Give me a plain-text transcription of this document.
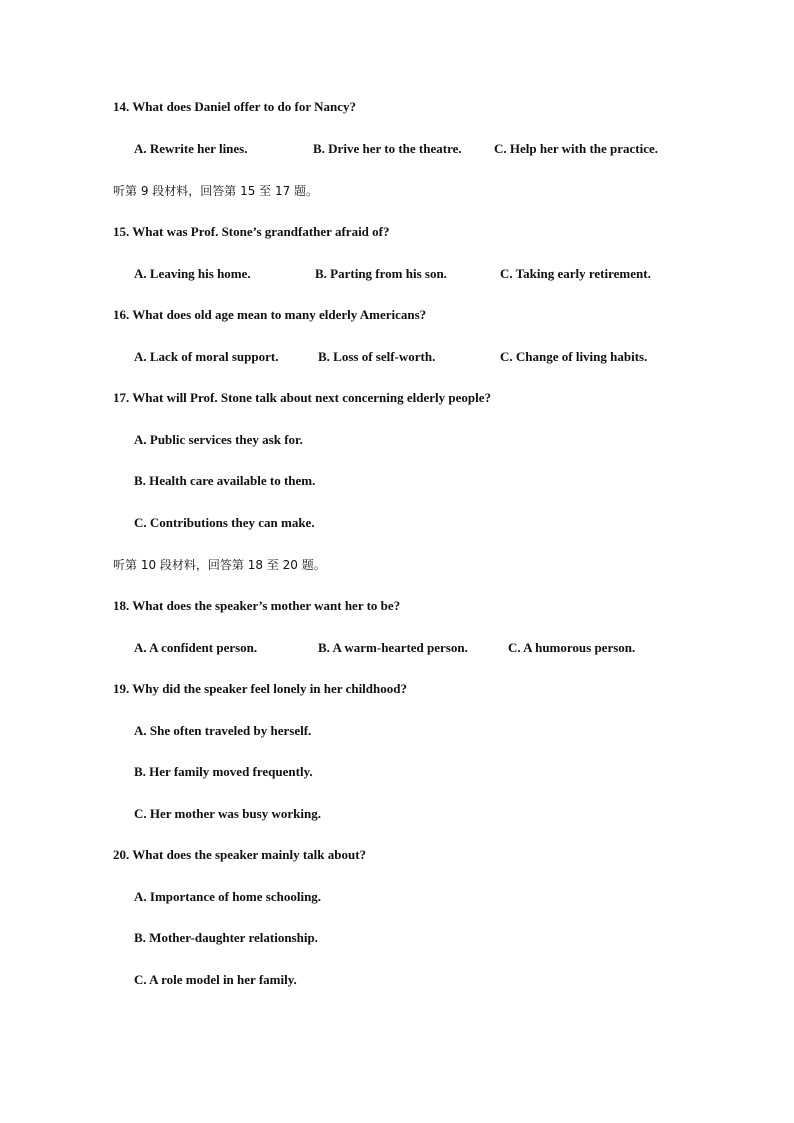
14. What does Daniel offer to do for Nancy?
A. Rewrite her lines.	B. Drive her to the theatre. C. Help her with the practice.
听第 9 段材料，回答第 15 至 17 题。
15. What was Prof. Stone’s grandfather afraid of?
A. Leaving his home.	B. Parting from his son.	C. Taking early retirement.
16. What does old age mean to many elderly Americans?
A. Lack of moral support.	B. Loss of self-worth.	C. Change of living habits.
17. What will Prof. Stone talk about next concerning elderly people?
A. Public services they ask for.
B. Health care available to them.
C. Contributions they can make.
听第 10 段材料，回答第 18 至 20 题。
18. What does the speaker’s mother want her to be?
A. A confident person.	B. A warm-hearted person.	C. A humorous person.
19. Why did the speaker feel lonely in her childhood?
A. She often traveled by herself.
B. Her family moved frequently.
C. Her mother was busy working.
20. What does the speaker mainly talk about?
A. Importance of home schooling.
B. Mother-daughter relationship.
C. A role model in her family.
